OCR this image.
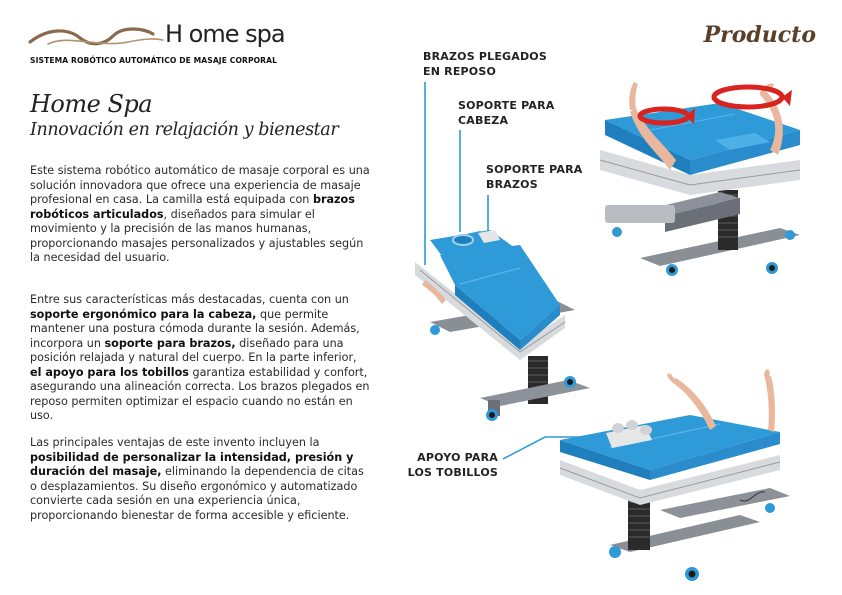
H ome spa
SISTEMA ROBÓTICO AUTOMÁTICO DE MASAJE CORPORAL
Producto
Home Spa
Innovación en relajación y bienestar
Este sistema robótico automático de masaje corporal es una solución innovadora que ofrece una experiencia de masaje profesional en casa. La camilla está equipada con brazos robóticos articulados, diseñados para simular el movimiento y la precisión de las manos humanas, proporcionando masajes personalizados y ajustables según la necesidad del usuario.
Entre sus características más destacadas, cuenta con un soporte ergonómico para la cabeza, que permite mantener una postura cómoda durante la sesión. Además, incorpora un soporte para brazos, diseñado para una posición relajada y natural del cuerpo. En la parte inferior, el apoyo para los tobillos garantiza estabilidad y confort, asegurando una alineación correcta. Los brazos plegados en reposo permiten optimizar el espacio cuando no están en uso.
Las principales ventajas de este invento incluyen la posibilidad de personalizar la intensidad, presión y duración del masaje, eliminando la dependencia de citas o desplazamientos. Su diseño ergonómico y automatizado convierte cada sesión en una experiencia única, proporcionando bienestar de forma accesible y eficiente.
BRAZOS PLEGADOS
EN REPOSO
SOPORTE PARA
CABEZA
SOPORTE PARA
BRAZOS
APOYO PARA
LOS TOBILLOS
